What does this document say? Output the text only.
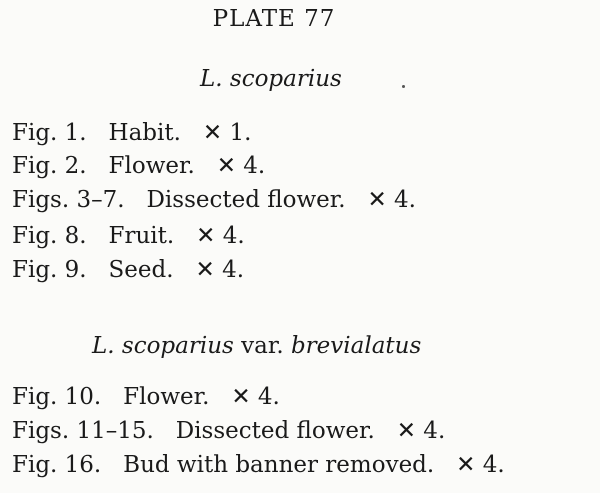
PLATE 77
L. scoparius
Fig. 1.   Habit.   ✕ 1.
Fig. 2.   Flower.   ✕ 4.
Figs. 3–7.   Dissected flower.   ✕ 4.
Fig. 8.   Fruit.   ✕ 4.
Fig. 9.   Seed.   ✕ 4.
L. scoparius var. brevialatus
Fig. 10.   Flower.   ✕ 4.
Figs. 11–15.   Dissected flower.   ✕ 4.
Fig. 16.   Bud with banner removed.   ✕ 4.
